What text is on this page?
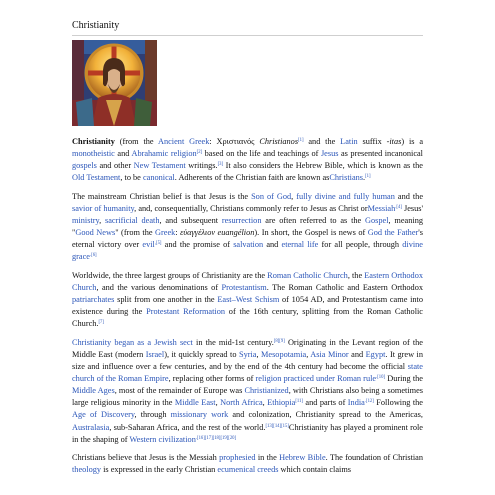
Christianity

Christianity (from the Ancient Greek: Χριστιανός Christianos[1] and the Latin suffix -itas) is a monotheistic and Abrahamic religion[2] based on the life and teachings of Jesus as presented incanonical gospels and other New Testament writings.[3] It also considers the Hebrew Bible, which is known as the Old Testament, to be canonical. Adherents of the Christian faith are known asChristians.[1]

The mainstream Christian belief is that Jesus is the Son of God, fully divine and fully human and the savior of humanity, and, consequentially, Christians commonly refer to Jesus as Christ orMessiah$^{.[4]}$ Jesus' ministry, sacrificial death, and subsequent resurrection are often referred to as the Gospel, meaning "Good News" (from the Greek: εὐαγγέλιον euangélion). In short, the Gospel is news of God the Father's eternal victory over evil$^{,[5]}$ and the promise of salvation and eternal life for all people, through divine grace$^{.[6]}$

Worldwide, the three largest groups of Christianity are the Roman Catholic Church, the Eastern Orthodox Church, and the various denominations of Protestantism. The Roman Catholic and Eastern Orthodox patriarchates split from one another in the East–West Schism of 1054 AD, and Protestantism came into existence during the Protestant Reformation of the 16th century, splitting from the Roman Catholic Church.[7]

Christianity began as a Jewish sect in the mid-1st century.[8][9] Originating in the Levant region of the Middle East (modern Israel), it quickly spread to Syria, Mesopotamia, Asia Minor and Egypt. It grew in size and influence over a few centuries, and by the end of the 4th century had become the official state church of the Roman Empire, replacing other forms of religion practiced under Roman rule$^{.[10]}$ During the Middle Ages, most of the remainder of Europe was Christianized, with Christians also being a sometimes large religious minority in the Middle East, North Africa, Ethiopia[11] and parts of India$^{.[12]}$ Following the Age of Discovery, through missionary work and colonization, Christianity spread to the Americas, Australasia, sub-Saharan Africa, and the rest of the world.[13][14][15]Christianity has played a prominent role in the shaping of Western civilization$^{.[16][17][18][19][20]}$

Christians believe that Jesus is the Messiah prophesied in the Hebrew Bible. The foundation of Christian theology is expressed in the early Christian ecumenical creeds which contain claims
